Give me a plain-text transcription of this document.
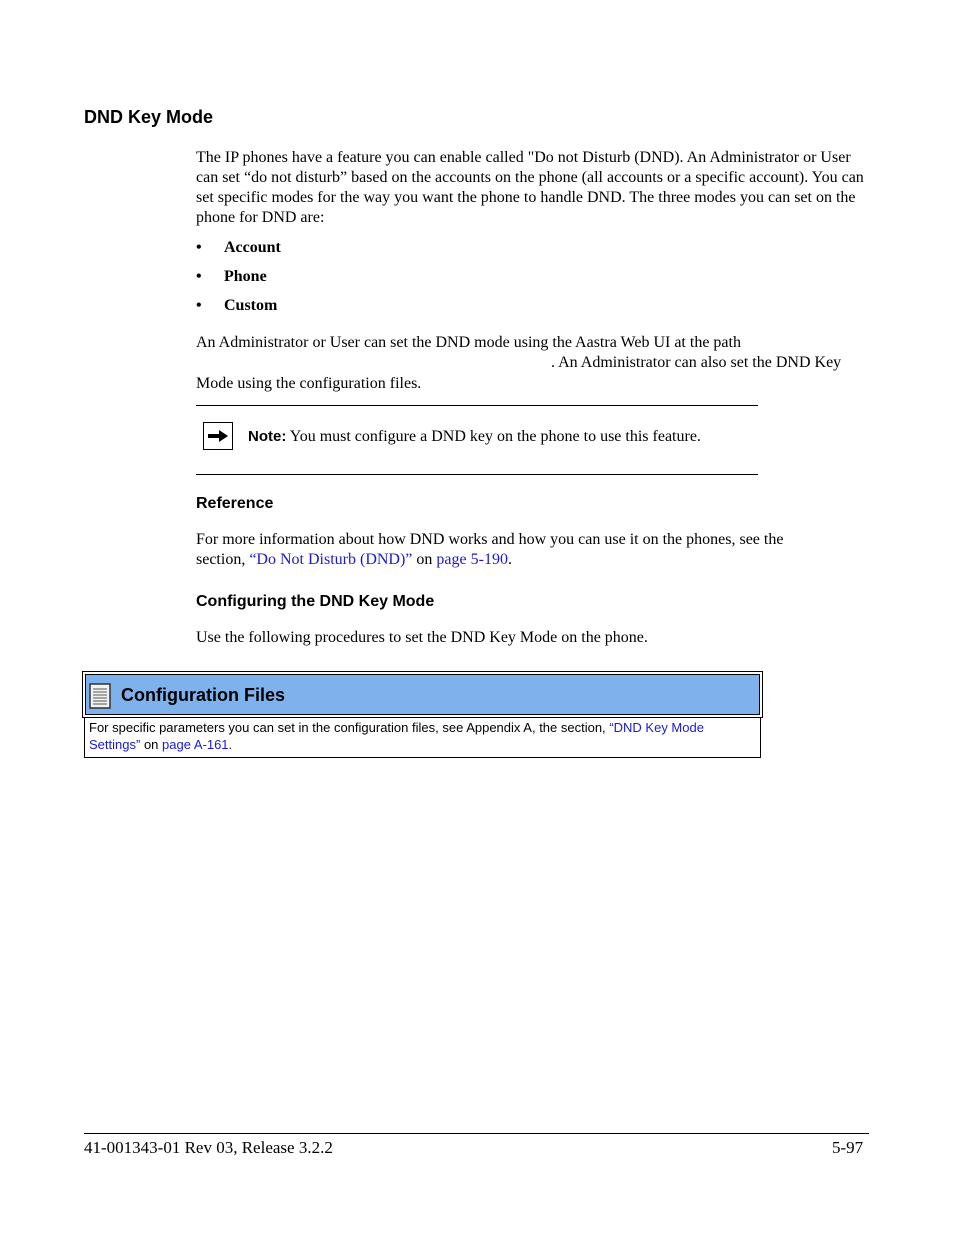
DND Key Mode
The IP phones have a feature you can enable called "Do not Disturb (DND). An Administrator or User can set “do not disturb” based on the accounts on the phone (all accounts or a specific account). You can set specific modes for the way you want the phone to handle DND. The three modes you can set on the phone for DND are:
• Account
• Phone
• Custom
An Administrator or User can set the DND mode using the Aastra Web UI at the path
. An Administrator can also set the DND Key
Mode using the configuration files.
Note: You must configure a DND key on the phone to use this feature.
Reference
For more information about how DND works and how you can use it on the phones, see the
section, “Do Not Disturb (DND)” on page 5-190.
Configuring the DND Key Mode
Use the following procedures to set the DND Key Mode on the phone.
Configuration Files
For specific parameters you can set in the configuration files, see Appendix A, the section, “DND Key Mode
Settings” on page A-161.
41-001343-01 Rev 03, Release 3.2.2	5-97
